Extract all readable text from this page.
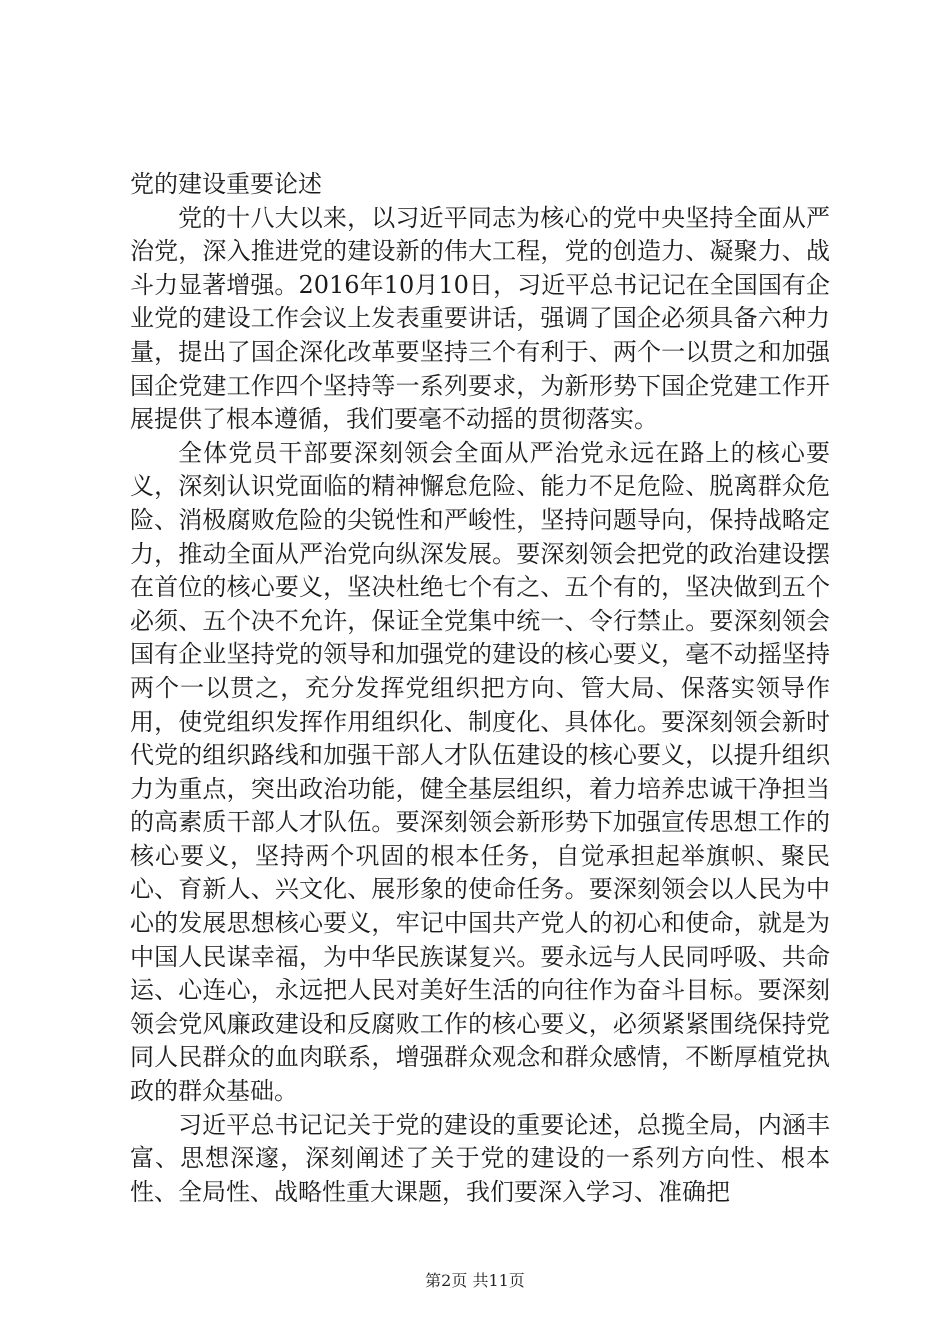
党的建设重要论述

党的十八大以来，以习近平同志为核心的党中央坚持全面从严治党，深入推进党的建设新的伟大工程，党的创造力、凝聚力、战斗力显著增强。2016年10月10日，习近平总书记记在全国国有企业党的建设工作会议上发表重要讲话，强调了国企必须具备六种力量，提出了国企深化改革要坚持三个有利于、两个一以贯之和加强国企党建工作四个坚持等一系列要求，为新形势下国企党建工作开展提供了根本遵循，我们要毫不动摇的贯彻落实。

全体党员干部要深刻领会全面从严治党永远在路上的核心要义，深刻认识党面临的精神懈怠危险、能力不足危险、脱离群众危险、消极腐败危险的尖锐性和严峻性，坚持问题导向，保持战略定力，推动全面从严治党向纵深发展。要深刻领会把党的政治建设摆在首位的核心要义，坚决杜绝七个有之、五个有的，坚决做到五个必须、五个决不允许，保证全党集中统一、令行禁止。要深刻领会国有企业坚持党的领导和加强党的建设的核心要义，毫不动摇坚持两个一以贯之，充分发挥党组织把方向、管大局、保落实领导作用，使党组织发挥作用组织化、制度化、具体化。要深刻领会新时代党的组织路线和加强干部人才队伍建设的核心要义，以提升组织力为重点，突出政治功能，健全基层组织，着力培养忠诚干净担当的高素质干部人才队伍。要深刻领会新形势下加强宣传思想工作的核心要义，坚持两个巩固的根本任务，自觉承担起举旗帜、聚民心、育新人、兴文化、展形象的使命任务。要深刻领会以人民为中心的发展思想核心要义，牢记中国共产党人的初心和使命，就是为中国人民谋幸福，为中华民族谋复兴。要永远与人民同呼吸、共命运、心连心，永远把人民对美好生活的向往作为奋斗目标。要深刻领会党风廉政建设和反腐败工作的核心要义，必须紧紧围绕保持党同人民群众的血肉联系，增强群众观念和群众感情，不断厚植党执政的群众基础。

习近平总书记记关于党的建设的重要论述，总揽全局，内涵丰富、思想深邃，深刻阐述了关于党的建设的一系列方向性、根本性、全局性、战略性重大课题，我们要深入学习、准确把

第2页 共11页
